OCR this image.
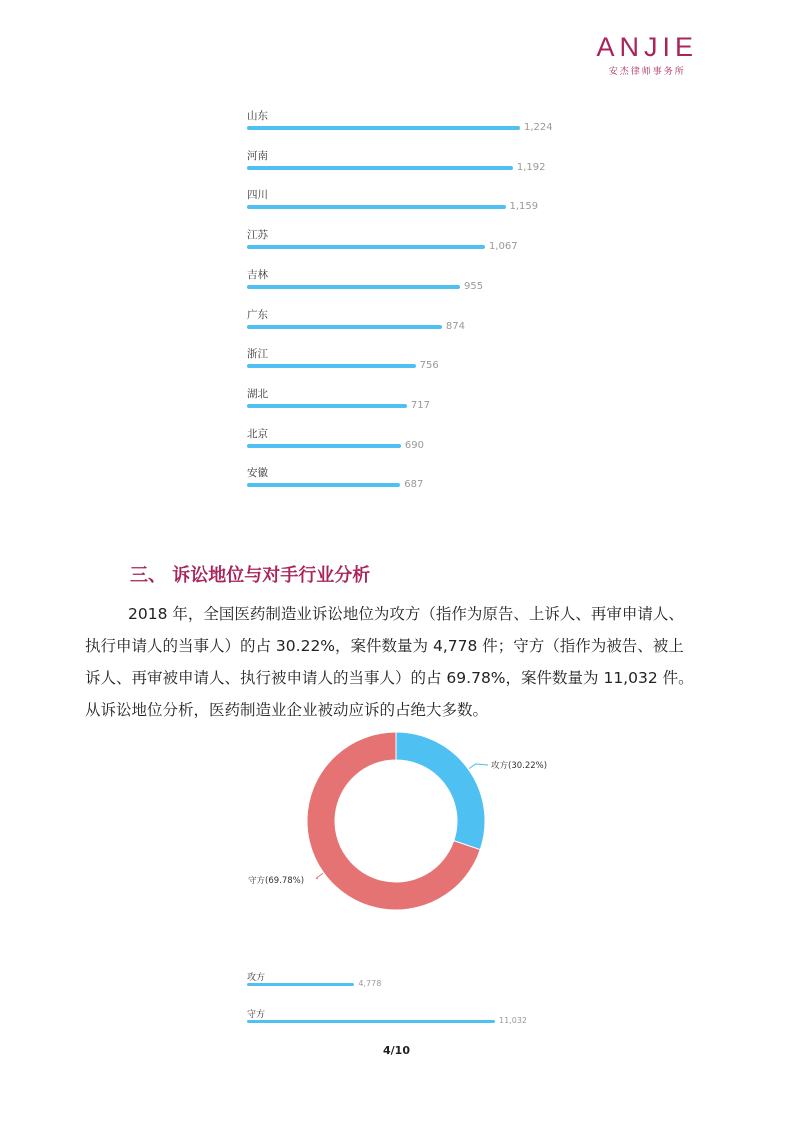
ANJIE
安杰律师事务所
山东
1,224
河南
1,192
四川
1,159
江苏
1,067
吉林
955
广东
874
浙江
756
湖北
717
北京
690
安徽
687
三、 诉讼地位与对手行业分析
2018 年，全国医药制造业诉讼地位为攻方（指作为原告、上诉人、再审申请人、
执行申请人的当事人）的占 30.22%，案件数量为 4,778 件；守方（指作为被告、被上
诉人、再审被申请人、执行被申请人的当事人）的占 69.78%，案件数量为 11,032 件。
从诉讼地位分析，医药制造业企业被动应诉的占绝大多数。
攻方(30.22%)
守方(69.78%)
攻方
4,778
守方
11,032
4/10
